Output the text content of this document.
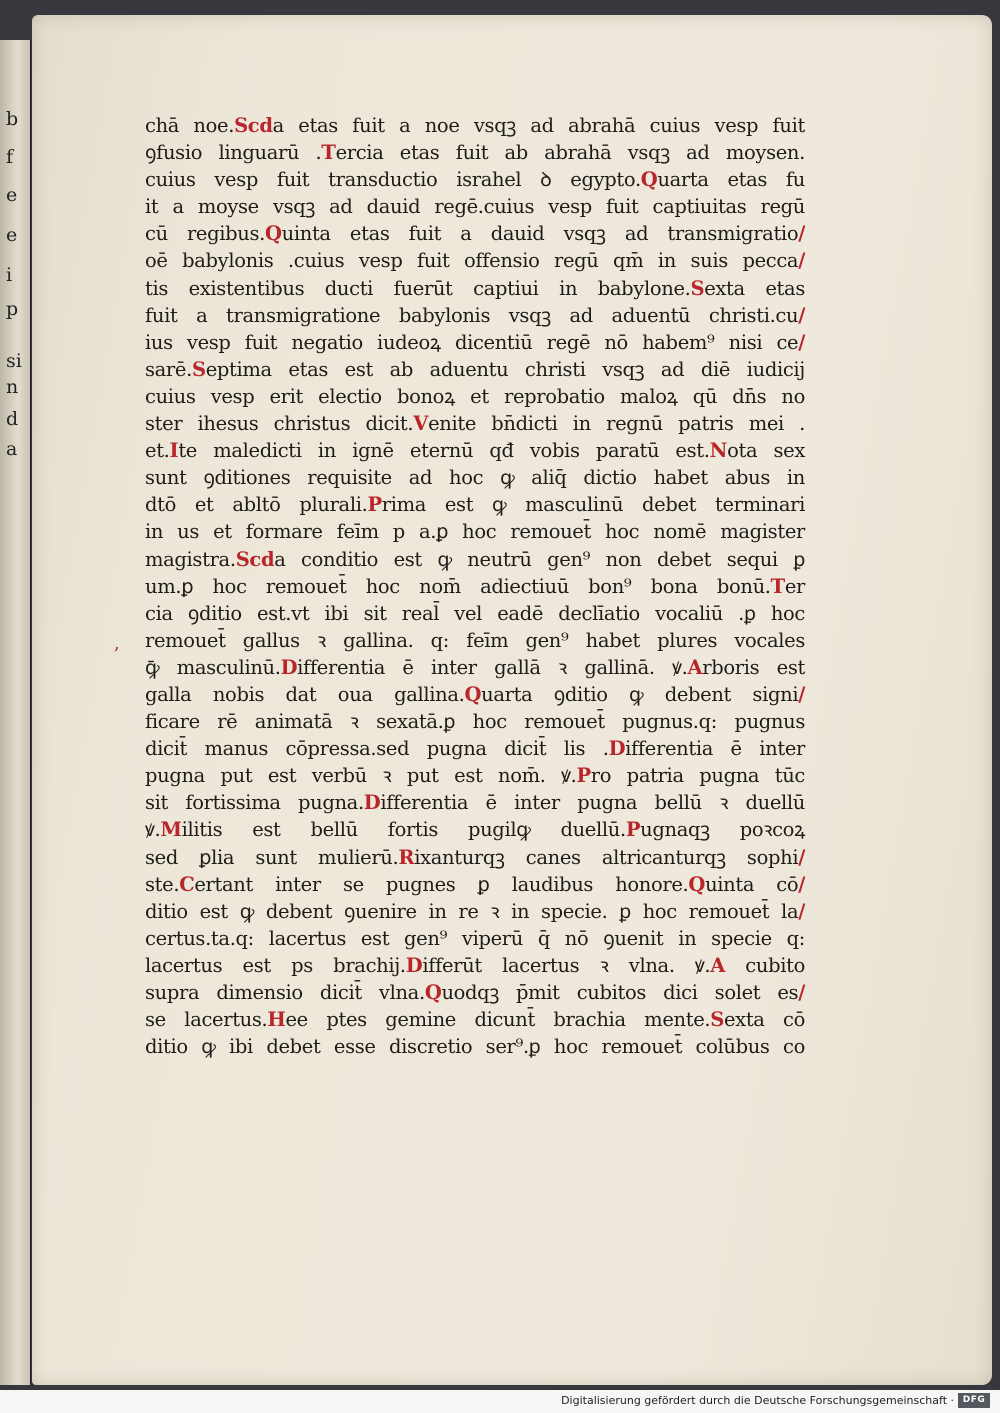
b
f
e
e
i
p
si
n
d
a
chā noe.Scda etas fuit a noe vsqꝫ ad abrahā cuius vesp fuit
ꝯfusio linguarū .Tercia etas fuit ab abrahā vsqꝫ ad moysen.
cuius vesp fuit transductio israhel ꝺ egypto.Quarta etas fu
it a moyse vsqꝫ ad dauid regē.cuius vesp fuit captiuitas regū
cū regibus.Quinta etas fuit a dauid vsqꝫ ad transmigratio/
oē babylonis .cuius vesp fuit offensio regū qm̄ in suis pecca/
tis existentibus ducti fuerūt captiui in babylone.Sexta etas
fuit a transmigratione babylonis vsqꝫ ad aduentū christi.cu/
ius vesp fuit negatio iudeoꝝ dicentiū regē nō habem⁹ nisi ce/
sarē.Septima etas est ab aduentu christi vsqꝫ ad diē iudicij
cuius vesp erit electio bonoꝝ et reprobatio maloꝝ qū dn̄s no
ster ihesus christus dicit.Venite bn̄dicti in regnū patris mei .
et.Ite maledicti in ignē eternū qđ vobis paratū est.Nota sex
sunt ꝯditiones requisite ad hoc ꝙ aliq̄ dictio habet abus in
dtō et abltō plurali.Prima est ꝙ masculinū debet terminari
in us et formare feīm p a.ꝑ hoc remouet̄ hoc nomē magister
magistra.Scda conditio est ꝙ neutrū gen⁹ non debet sequi ꝑ
um.ꝑ hoc remouet̄ hoc nom̄ adiectiuū bon⁹ bona bonū.Ter
cia ꝯditio est.vt ibi sit real̄ vel eadē declīatio vocaliū .ꝑ hoc
remouet̄ gallus ꝛ gallina. q: feīm gen⁹ habet plures vocales
ꝙ̄ masculinū.Differentia ē inter gallā ꝛ gallinā. ꝟ.Arboris est
galla nobis dat oua gallina.Quarta ꝯditio ꝙ debent signi/
ficare rē animatā ꝛ sexatā.ꝑ hoc remouet̄ pugnus.q: pugnus
dicit̄ manus cōpressa.sed pugna dicit̄ lis .Differentia ē inter
pugna put est verbū ꝛ put est nom̄. ꝟ.Pro patria pugna tūc
sit fortissima pugna.Differentia ē inter pugna bellū ꝛ duellū
ꝟ.Militis est bellū fortis pugilꝙ duellū.Pugnaqꝫ poꝛcoꝝ
sed ꝑlia sunt mulierū.Rixanturqꝫ canes altricanturqꝫ sophi/
ste.Certant inter se pugnes ꝑ laudibus honore.Quinta cō/
ditio est ꝙ debent ꝯuenire in re ꝛ in specie. ꝑ hoc remouet̄ la/
certus.ta.q: lacertus est gen⁹ viperū q̄ nō ꝯuenit in specie q:
lacertus est ps brachij.Differūt lacertus ꝛ vlna. ꝟ.A cubito
supra dimensio dicit̄ vlna.Quodqꝫ p̄mit cubitos dici solet es/
se lacertus.Hee ptes gemine dicunt̄ brachia mente.Sexta cō
ditio ꝙ ibi debet esse discretio ser⁹.ꝑ hoc remouet̄ colūbus co
,
Digitalisierung gefördert durch die Deutsche Forschungsgemeinschaft · DFG
